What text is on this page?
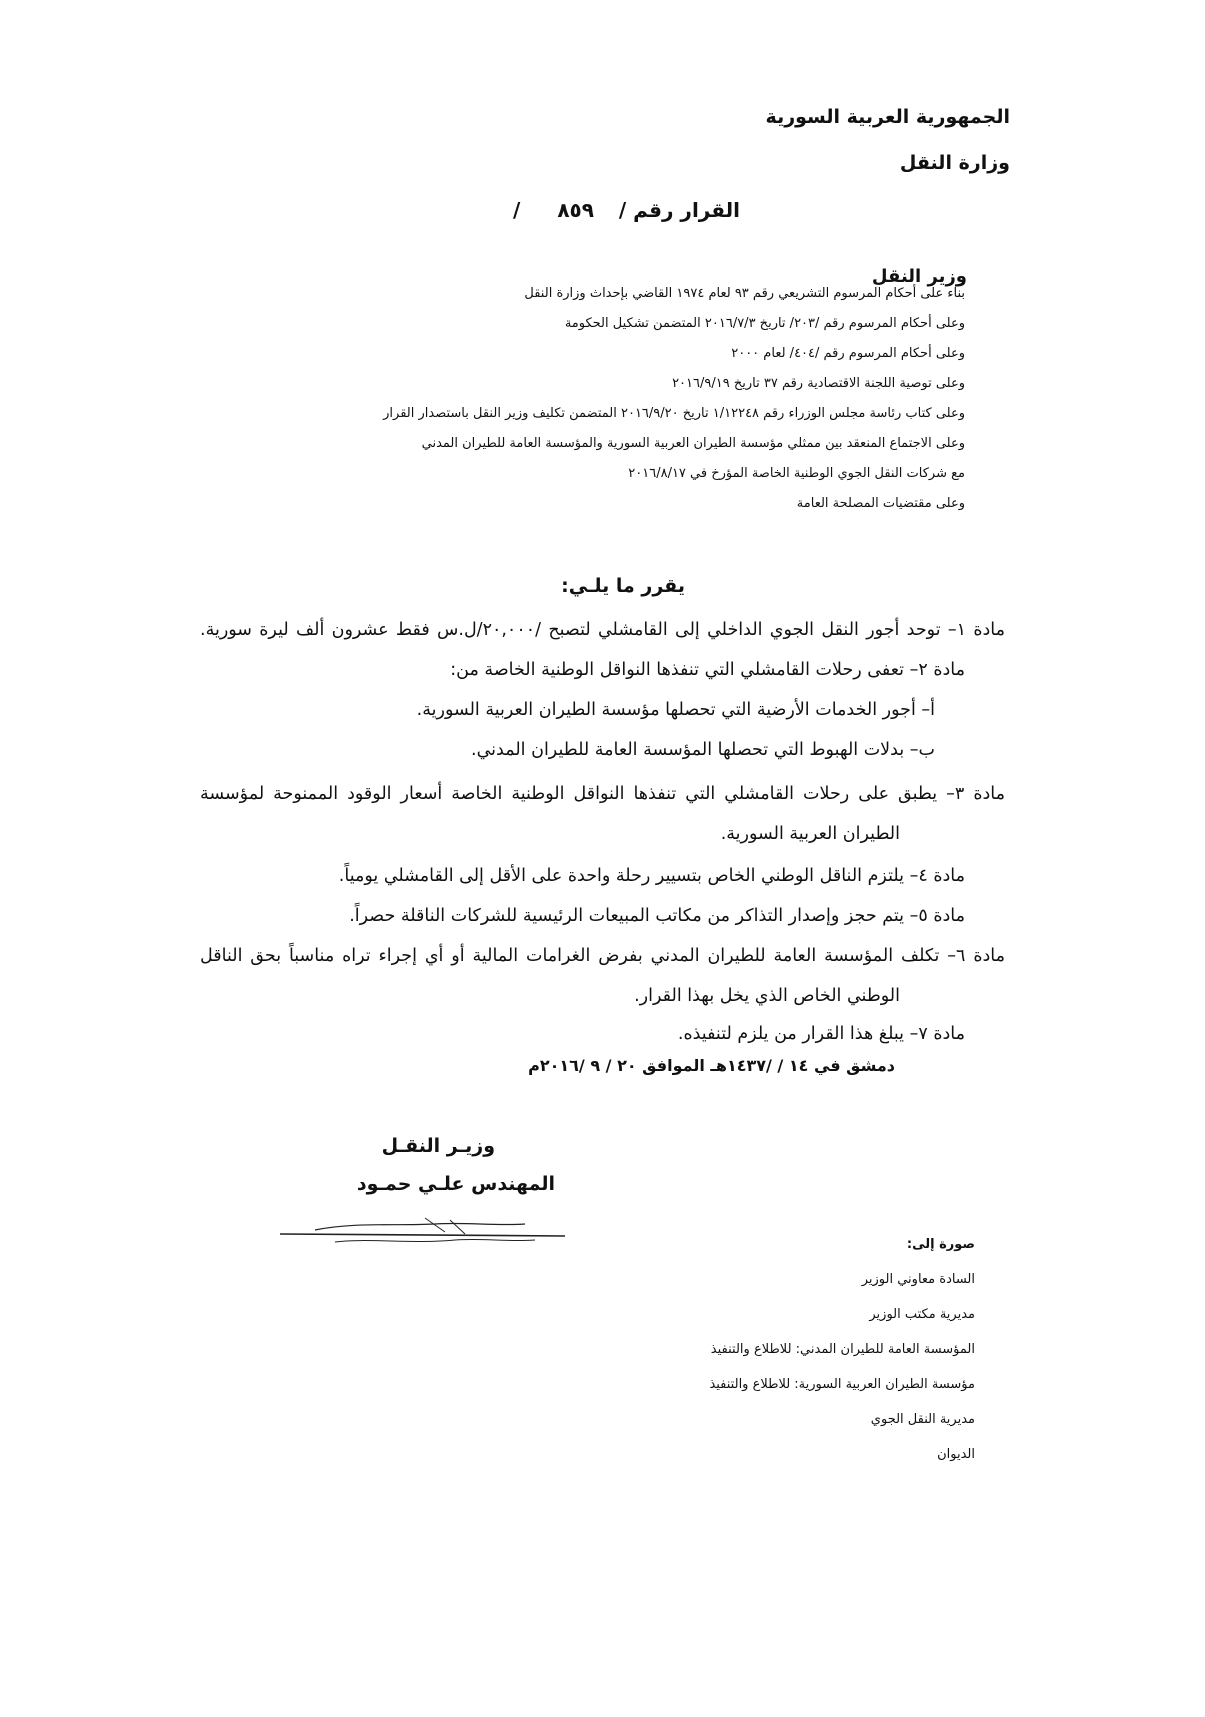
الجمهورية العربية السورية
وزارة النقل
القرار رقم / ٨٥٩ /
وزير النقل
بناء على أحكام المرسوم التشريعي رقم ٩٣ لعام ١٩٧٤ القاضي بإحداث وزارة النقل
وعلى أحكام المرسوم رقم /٢٠٣/ تاريخ ٢٠١٦/٧/٣ المتضمن تشكيل الحكومة
وعلى أحكام المرسوم رقم /٤٠٤/ لعام ٢٠٠٠
وعلى توصية اللجنة الاقتصادية رقم ٣٧ تاريخ ٢٠١٦/٩/١٩
وعلى كتاب رئاسة مجلس الوزراء رقم ١/١٢٢٤٨ تاريخ ٢٠١٦/٩/٢٠ المتضمن تكليف وزير النقل باستصدار القرار
وعلى الاجتماع المنعقد بين ممثلي مؤسسة الطيران العربية السورية والمؤسسة العامة للطيران المدني
مع شركات النقل الجوي الوطنية الخاصة المؤرخ في ٢٠١٦/٨/١٧
وعلى مقتضيات المصلحة العامة
يقرر ما يلـي:
مادة ١– توحد أجور النقل الجوي الداخلي إلى القامشلي لتصبح /٢٠,٠٠٠/ل.س فقط عشرون ألف ليرة سورية.
مادة ٢– تعفى رحلات القامشلي التي تنفذها النواقل الوطنية الخاصة من:
أ– أجور الخدمات الأرضية التي تحصلها مؤسسة الطيران العربية السورية.
ب– بدلات الهبوط التي تحصلها المؤسسة العامة للطيران المدني.
مادة ٣– يطبق على رحلات القامشلي التي تنفذها النواقل الوطنية الخاصة أسعار الوقود الممنوحة لمؤسسة
الطيران العربية السورية.
مادة ٤– يلتزم الناقل الوطني الخاص بتسيير رحلة واحدة على الأقل إلى القامشلي يومياً.
مادة ٥– يتم حجز وإصدار التذاكر من مكاتب المبيعات الرئيسية للشركات الناقلة حصراً.
مادة ٦– تكلف المؤسسة العامة للطيران المدني بفرض الغرامات المالية أو أي إجراء تراه مناسباً بحق الناقل
الوطني الخاص الذي يخل بهذا القرار.
مادة ٧– يبلغ هذا القرار من يلزم لتنفيذه.
دمشق في ١٤ / /١٤٣٧هـ الموافق ٢٠ / ٩ /٢٠١٦م
وزيـر النقـل
المهندس علـي حمـود
صورة إلى:
السادة معاوني الوزير
مديرية مكتب الوزير
المؤسسة العامة للطيران المدني: للاطلاع والتنفيذ
مؤسسة الطيران العربية السورية: للاطلاع والتنفيذ
مديرية النقل الجوي
الديوان
